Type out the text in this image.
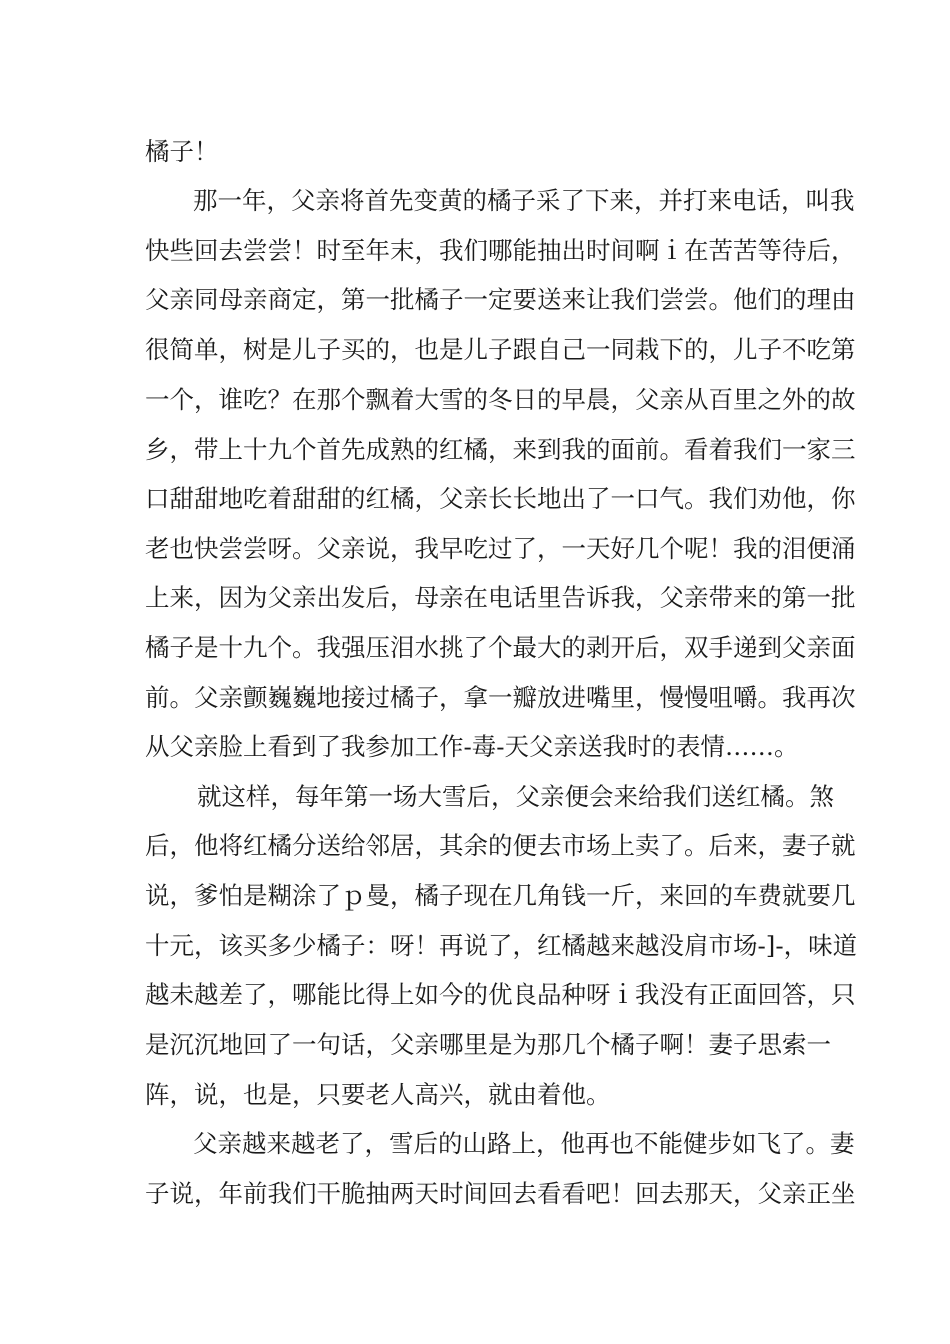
橘子！
那一年，父亲将首先变黄的橘子采了下来，并打来电话，叫我
快些回去尝尝！时至年末，我们哪能抽出时间啊ｉ在苦苦等待后，
父亲同母亲商定，第一批橘子一定要送来让我们尝尝。他们的理由
很简单，树是儿子买的，也是儿子跟自己一同栽下的，儿子不吃第
一个，谁吃？在那个飘着大雪的冬日的早晨，父亲从百里之外的故
乡，带上十九个首先成熟的红橘，来到我的面前。看着我们一家三
口甜甜地吃着甜甜的红橘，父亲长长地出了一口气。我们劝他，你
老也快尝尝呀。父亲说，我早吃过了，一天好几个呢！我的泪便涌
上来，因为父亲出发后，母亲在电话里告诉我，父亲带来的第一批
橘子是十九个。我强压泪水挑了个最大的剥开后，双手递到父亲面
前。父亲颤巍巍地接过橘子，拿一瓣放进嘴里，慢慢咀嚼。我再次
从父亲脸上看到了我参加工作-毒-天父亲送我时的表情……。
就这样，每年第一场大雪后，父亲便会来给我们送红橘。煞
后，他将红橘分送给邻居，其余的便去市场上卖了。后来，妻子就
说，爹怕是糊涂了ｐ曼，橘子现在几角钱一斤，来回的车费就要几
十元，该买多少橘子：呀！再说了，红橘越来越没肩市场-]-，味道
越未越差了，哪能比得上如今的优良品种呀ｉ我没有正面回答，只
是沉沉地回了一句话，父亲哪里是为那几个橘子啊！妻子思索一
阵，说，也是，只要老人高兴，就由着他。
父亲越来越老了，雪后的山路上，他再也不能健步如飞了。妻
子说，年前我们干脆抽两天时间回去看看吧！回去那天，父亲正坐
